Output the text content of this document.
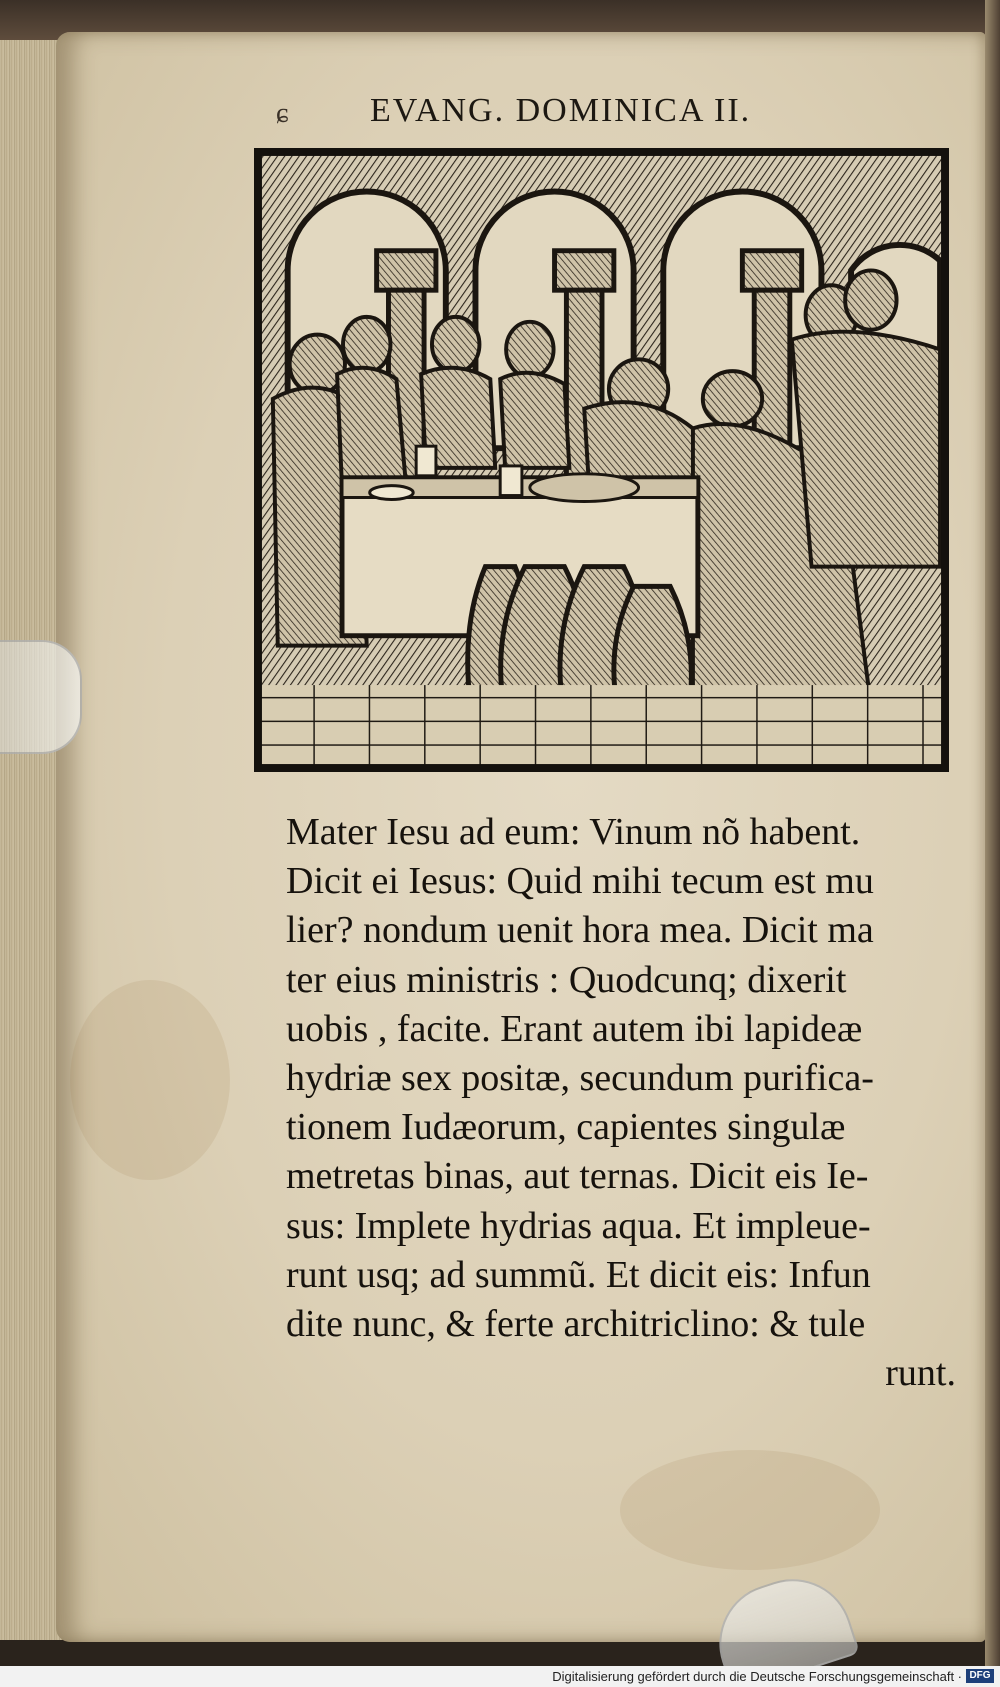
ɕ EVANG. DOMINICA II.
Mater Iesu ad eum: Vinum nõ habent.
Dicit ei Iesus: Quid mihi tecum est mu
lier? nondum uenit hora mea. Dicit ma
ter eius ministris : Quodcunq; dixerit
uobis , facite. Erant autem ibi lapideæ
hydriæ sex positæ, secundum purifica-
tionem Iudæorum, capientes singulæ
metretas binas, aut ternas. Dicit eis Ie-
sus: Implete hydrias aqua. Et impleue-
runt usq; ad summũ. Et dicit eis: Infun
dite nunc, & ferte architriclino: & tule
runt.
Digitalisierung gefördert durch die Deutsche Forschungsgemeinschaft · DFG
